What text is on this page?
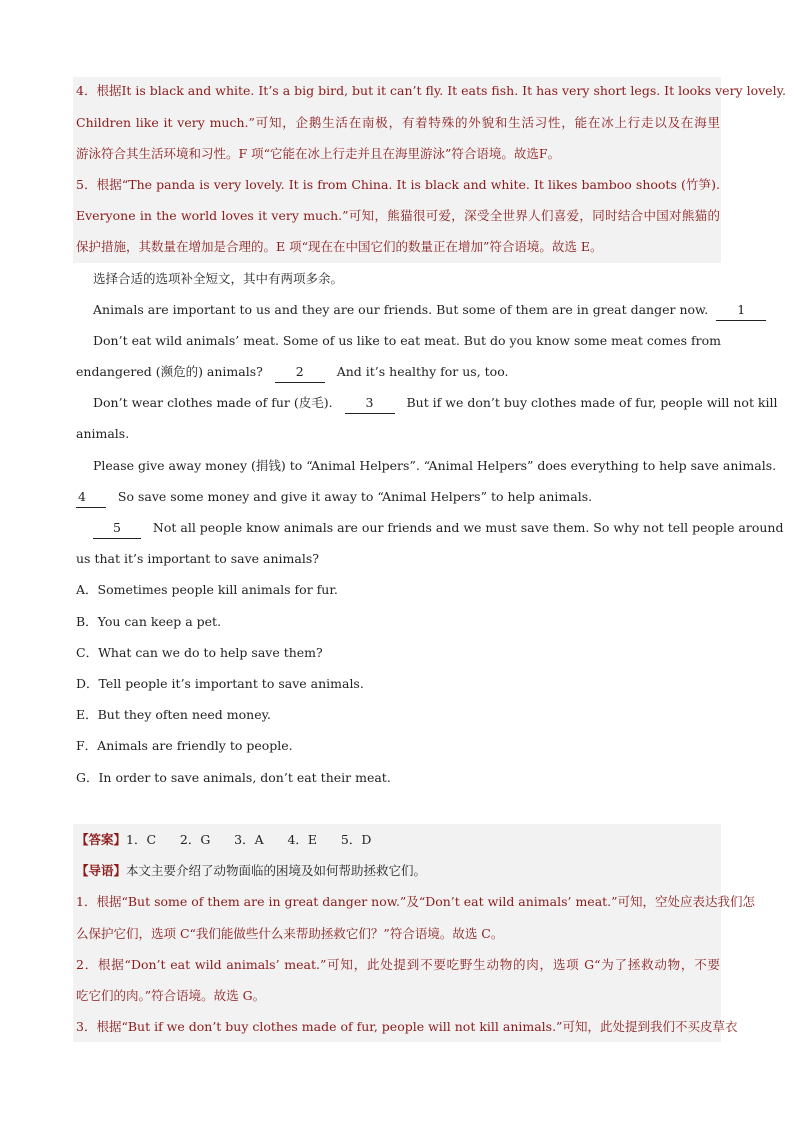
4．根据It is black and white. It’s a big bird, but it can’t fly. It eats fish. It has very short legs. It looks very lovely.
Children like it very much.”可知，企鹅生活在南极，有着特殊的外貌和生活习性，能在冰上行走以及在海里
游泳符合其生活环境和习性。F 项“它能在冰上行走并且在海里游泳”符合语境。故选F。
5．根据“The panda is very lovely. It is from China. It is black and white. It likes bamboo shoots (竹笋).
Everyone in the world loves it very much.”可知，熊猫很可爱，深受全世界人们喜爱，同时结合中国对熊猫的
保护措施，其数量在增加是合理的。E 项“现在在中国它们的数量正在增加”符合语境。故选 E。
选择合适的选项补全短文，其中有两项多余。
Animals are important to us and they are our friends. But some of them are in great danger now. 1
Don’t eat wild animals’ meat. Some of us like to eat meat. But do you know some meat comes from
endangered (濒危的) animals?	2	And it’s healthy for us, too.
Don’t wear clothes made of fur (皮毛).	3	But if we don’t buy clothes made of fur, people will not kill
animals.
Please give away money (捐钱) to “Animal Helpers”. “Animal Helpers” does everything to help save animals.
4	So save some money and give it away to “Animal Helpers” to help animals.
5	Not all people know animals are our friends and we must save them. So why not tell people around
us that it’s important to save animals?
A．Sometimes people kill animals for fur.
B．You can keep a pet.
C．What can we do to help save them?
D．Tell people it’s important to save animals.
E．But they often need money.
F．Animals are friendly to people.
G．In order to save animals, don’t eat their meat.
【答案】1．C      2．G      3．A      4．E      5．D
【导语】本文主要介绍了动物面临的困境及如何帮助拯救它们。
1．根据“But some of them are in great danger now.”及“Don’t eat wild animals’ meat.”可知，空处应表达我们怎
么保护它们，选项 C“我们能做些什么来帮助拯救它们？”符合语境。故选 C。
2．根据“Don’t eat wild animals’ meat.”可知，此处提到不要吃野生动物的肉，选项 G“为了拯救动物，不要
吃它们的肉。”符合语境。故选 G。
3．根据“But if we don’t buy clothes made of fur, people will not kill animals.”可知，此处提到我们不买皮草衣
